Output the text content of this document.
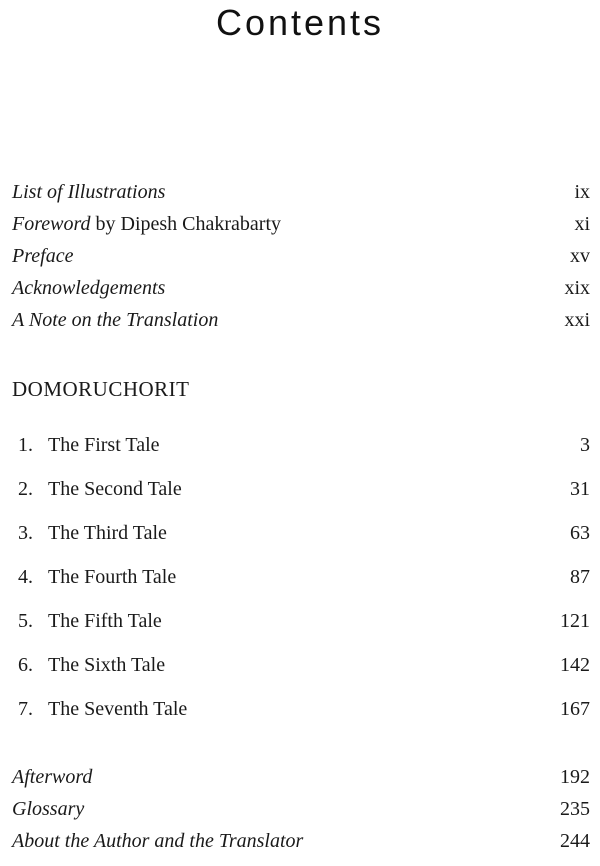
Contents
List of Illustrations	ix
Foreword by Dipesh Chakrabarty	xi
Preface	xv
Acknowledgements	xix
A Note on the Translation	xxi
DOMORUCHORIT
1. The First Tale	3
2. The Second Tale	31
3. The Third Tale	63
4. The Fourth Tale	87
5. The Fifth Tale	121
6. The Sixth Tale	142
7. The Seventh Tale	167
Afterword	192
Glossary	235
About the Author and the Translator	244
